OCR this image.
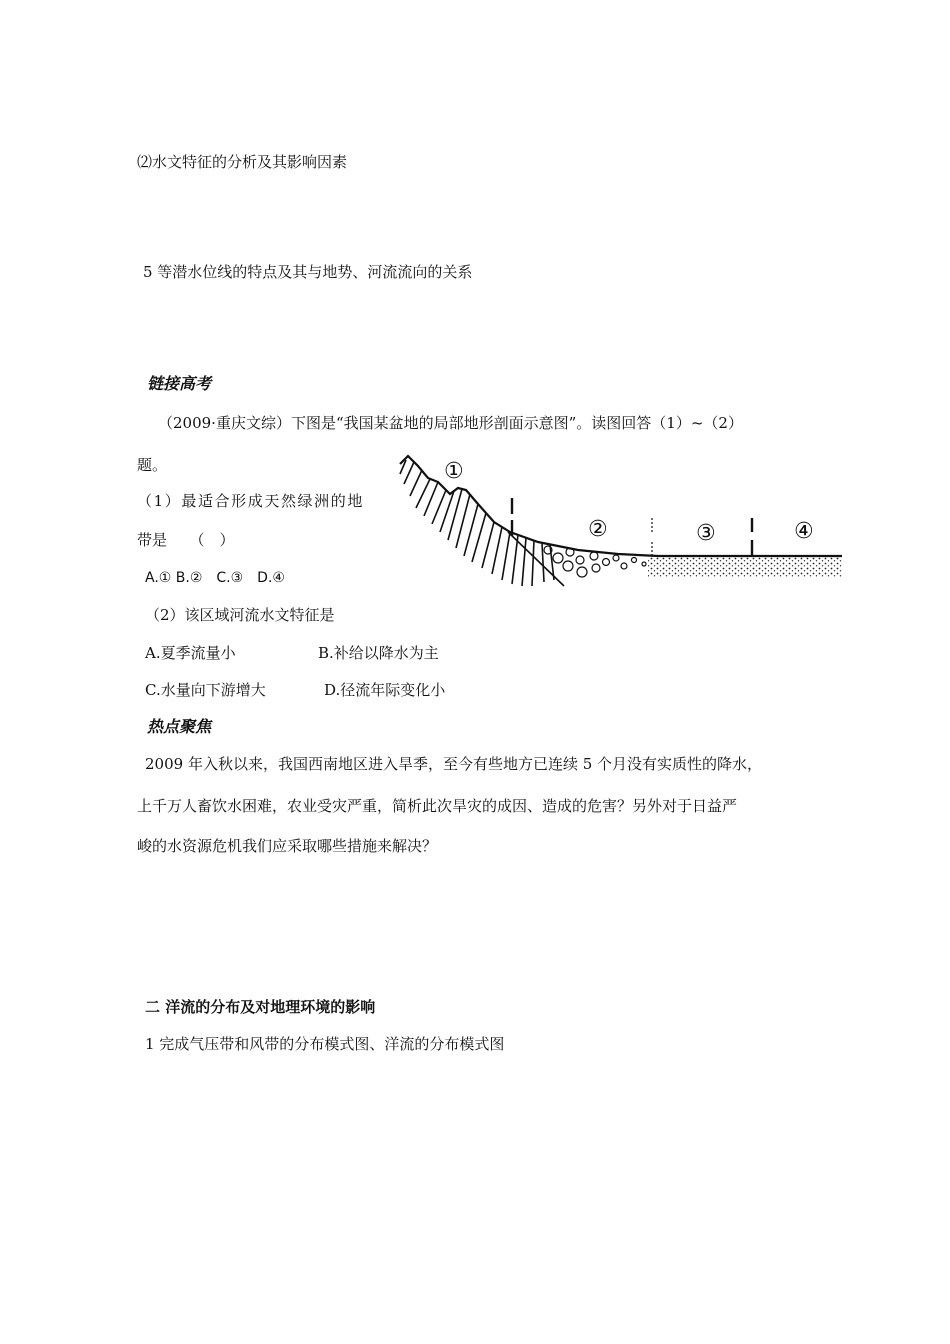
⑵水文特征的分析及其影响因素
5 等潜水位线的特点及其与地势、河流流向的关系
链接高考
（2009·重庆文综）下图是“我国某盆地的局部地形剖面示意图”。读图回答（1）~（2）
题。
（1）最适合形成天然绿洲的地
带是　　（　）
A.① B.②　C.③　D.④
（2）该区域河流水文特征是
A.夏季流量小	B.补给以降水为主
C.水量向下游增大	D.径流年际变化小
①
②	③	④
热点聚焦
2009 年入秋以来，我国西南地区进入旱季，至今有些地方已连续 5 个月没有实质性的降水，
上千万人畜饮水困难，农业受灾严重，简析此次旱灾的成因、造成的危害？另外对于日益严
峻的水资源危机我们应采取哪些措施来解决？
二 洋流的分布及对地理环境的影响
1 完成气压带和风带的分布模式图、洋流的分布模式图
